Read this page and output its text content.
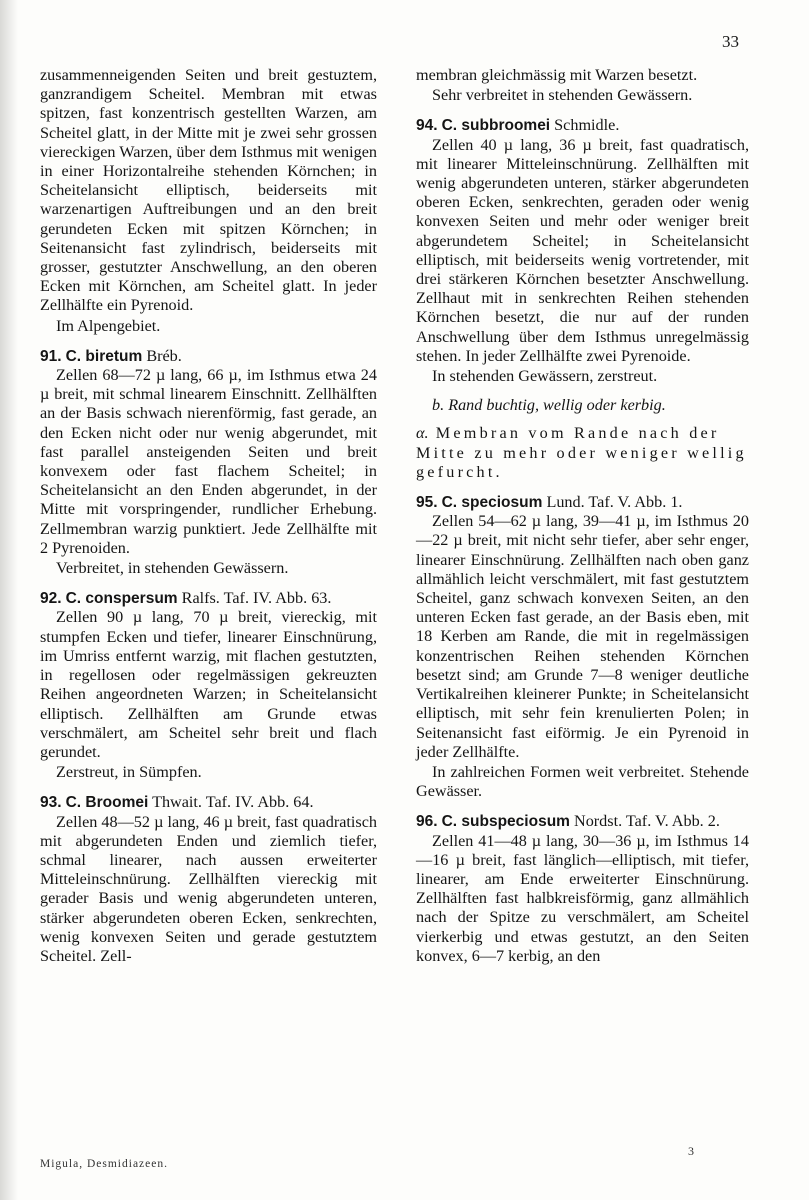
33

zusammenneigenden Seiten und breit gestuztem, ganzrandigem Scheitel. Membran mit etwas spitzen, fast konzentrisch gestellten Warzen, am Scheitel glatt, in der Mitte mit je zwei sehr grossen viereckigen Warzen, über dem Isthmus mit wenigen in einer Horizontalreihe stehenden Körnchen; in Scheitelansicht elliptisch, beiderseits mit warzenartigen Auftreibungen und an den breit gerundeten Ecken mit spitzen Körnchen; in Seitenansicht fast zylindrisch, beiderseits mit grosser, gestutzter Anschwellung, an den oberen Ecken mit Körnchen, am Scheitel glatt. In jeder Zellhälfte ein Pyrenoid.

Im Alpengebiet.

91. C. biretum Bréb.

Zellen 68—72 µ lang, 66 µ, im Isthmus etwa 24 µ breit, mit schmal linearem Einschnitt. Zellhälften an der Basis schwach nierenförmig, fast gerade, an den Ecken nicht oder nur wenig abgerundet, mit fast parallel ansteigenden Seiten und breit konvexem oder fast flachem Scheitel; in Scheitelansicht an den Enden abgerundet, in der Mitte mit vorspringender, rundlicher Erhebung. Zellmembran warzig punktiert. Jede Zellhälfte mit 2 Pyrenoiden.

Verbreitet, in stehenden Gewässern.

92. C. conspersum Ralfs. Taf. IV. Abb. 63.

Zellen 90 µ lang, 70 µ breit, viereckig, mit stumpfen Ecken und tiefer, linearer Einschnürung, im Umriss entfernt warzig, mit flachen gestutzten, in regellosen oder regelmässigen gekreuzten Reihen angeordneten Warzen; in Scheitelansicht elliptisch. Zellhälften am Grunde etwas verschmälert, am Scheitel sehr breit und flach gerundet.

Zerstreut, in Sümpfen.

93. C. Broomei Thwait. Taf. IV. Abb. 64.

Zellen 48—52 µ lang, 46 µ breit, fast quadratisch mit abgerundeten Enden und ziemlich tiefer, schmal linearer, nach aussen erweiterter Mitteleinschnürung. Zellhälften viereckig mit gerader Basis und wenig abgerundeten unteren, stärker abgerundeten oberen Ecken, senkrechten, wenig konvexen Seiten und gerade gestutztem Scheitel. Zell-

membran gleichmässig mit Warzen besetzt.

Sehr verbreitet in stehenden Gewässern.

94. C. subbroomei Schmidle.

Zellen 40 µ lang, 36 µ breit, fast quadratisch, mit linearer Mitteleinschnürung. Zellhälften mit wenig abgerundeten unteren, stärker abgerundeten oberen Ecken, senkrechten, geraden oder wenig konvexen Seiten und mehr oder weniger breit abgerundetem Scheitel; in Scheitelansicht elliptisch, mit beiderseits wenig vortretender, mit drei stärkeren Körnchen besetzter Anschwellung. Zellhaut mit in senkrechten Reihen stehenden Körnchen besetzt, die nur auf der runden Anschwellung über dem Isthmus unregelmässig stehen. In jeder Zellhälfte zwei Pyrenoide.

In stehenden Gewässern, zerstreut.

b. Rand buchtig, wellig oder kerbig.

α. Membran vom Rande nach der Mitte zu mehr oder weniger wellig gefurcht.

95. C. speciosum Lund. Taf. V. Abb. 1.

Zellen 54—62 µ lang, 39—41 µ, im Isthmus 20—22 µ breit, mit nicht sehr tiefer, aber sehr enger, linearer Einschnürung. Zellhälften nach oben ganz allmählich leicht verschmälert, mit fast gestutztem Scheitel, ganz schwach konvexen Seiten, an den unteren Ecken fast gerade, an der Basis eben, mit 18 Kerben am Rande, die mit in regelmässigen konzentrischen Reihen stehenden Körnchen besetzt sind; am Grunde 7—8 weniger deutliche Vertikalreihen kleinerer Punkte; in Scheitelansicht elliptisch, mit sehr fein krenulierten Polen; in Seitenansicht fast eiförmig. Je ein Pyrenoid in jeder Zellhälfte.

In zahlreichen Formen weit verbreitet. Stehende Gewässer.

96. C. subspeciosum Nordst. Taf. V. Abb. 2.

Zellen 41—48 µ lang, 30—36 µ, im Isthmus 14—16 µ breit, fast länglich—elliptisch, mit tiefer, linearer, am Ende erweiterter Einschnürung. Zellhälften fast halbkreisförmig, ganz allmählich nach der Spitze zu verschmälert, am Scheitel vierkerbig und etwas gestutzt, an den Seiten konvex, 6—7 kerbig, an den

Migula, Desmidiazeen.
3
